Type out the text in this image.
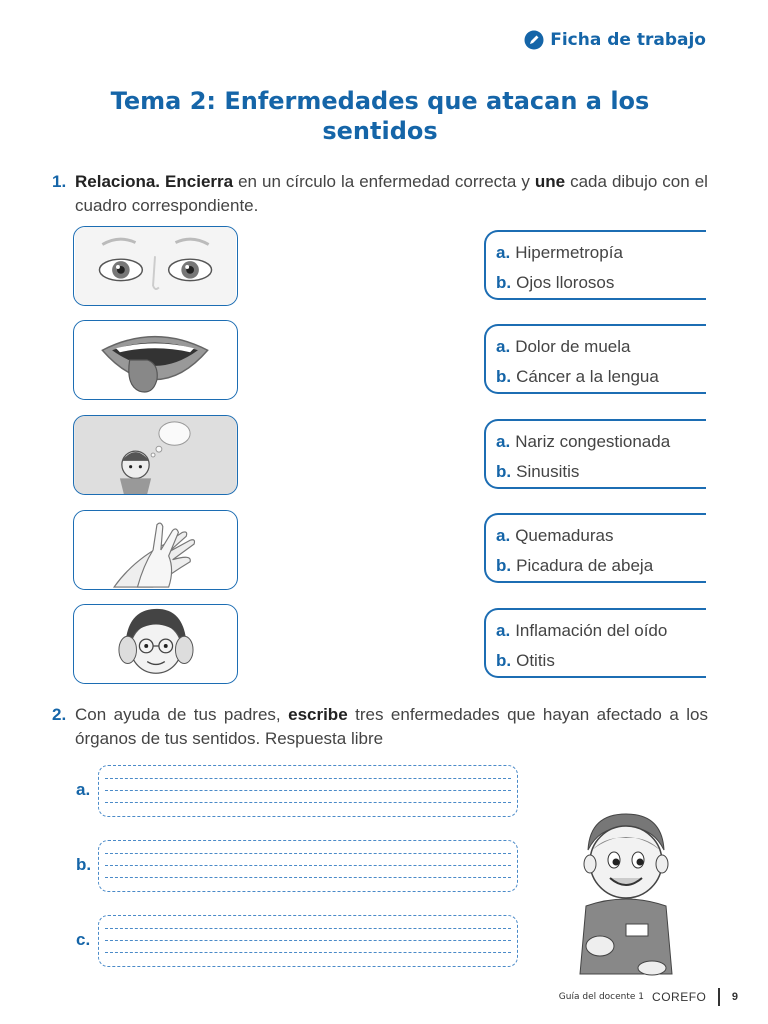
Ficha de trabajo
Tema 2: Enfermedades que atacan a los sentidos
1. Relaciona. Encierra en un círculo la enfermedad correcta y une cada dibujo con el cuadro correspondiente.
a. Hipermetropía
b. Ojos llorosos
a. Dolor de muela
b. Cáncer a la lengua
a. Nariz congestionada
b. Sinusitis
a. Quemaduras
b. Picadura de abeja
a. Inflamación del oído
b. Otitis
2. Con ayuda de tus padres, escribe tres enfermedades que hayan afectado a los órganos de tus sentidos. Respuesta libre
a.
b.
c.
Guía del docente 1 COREFO 9
